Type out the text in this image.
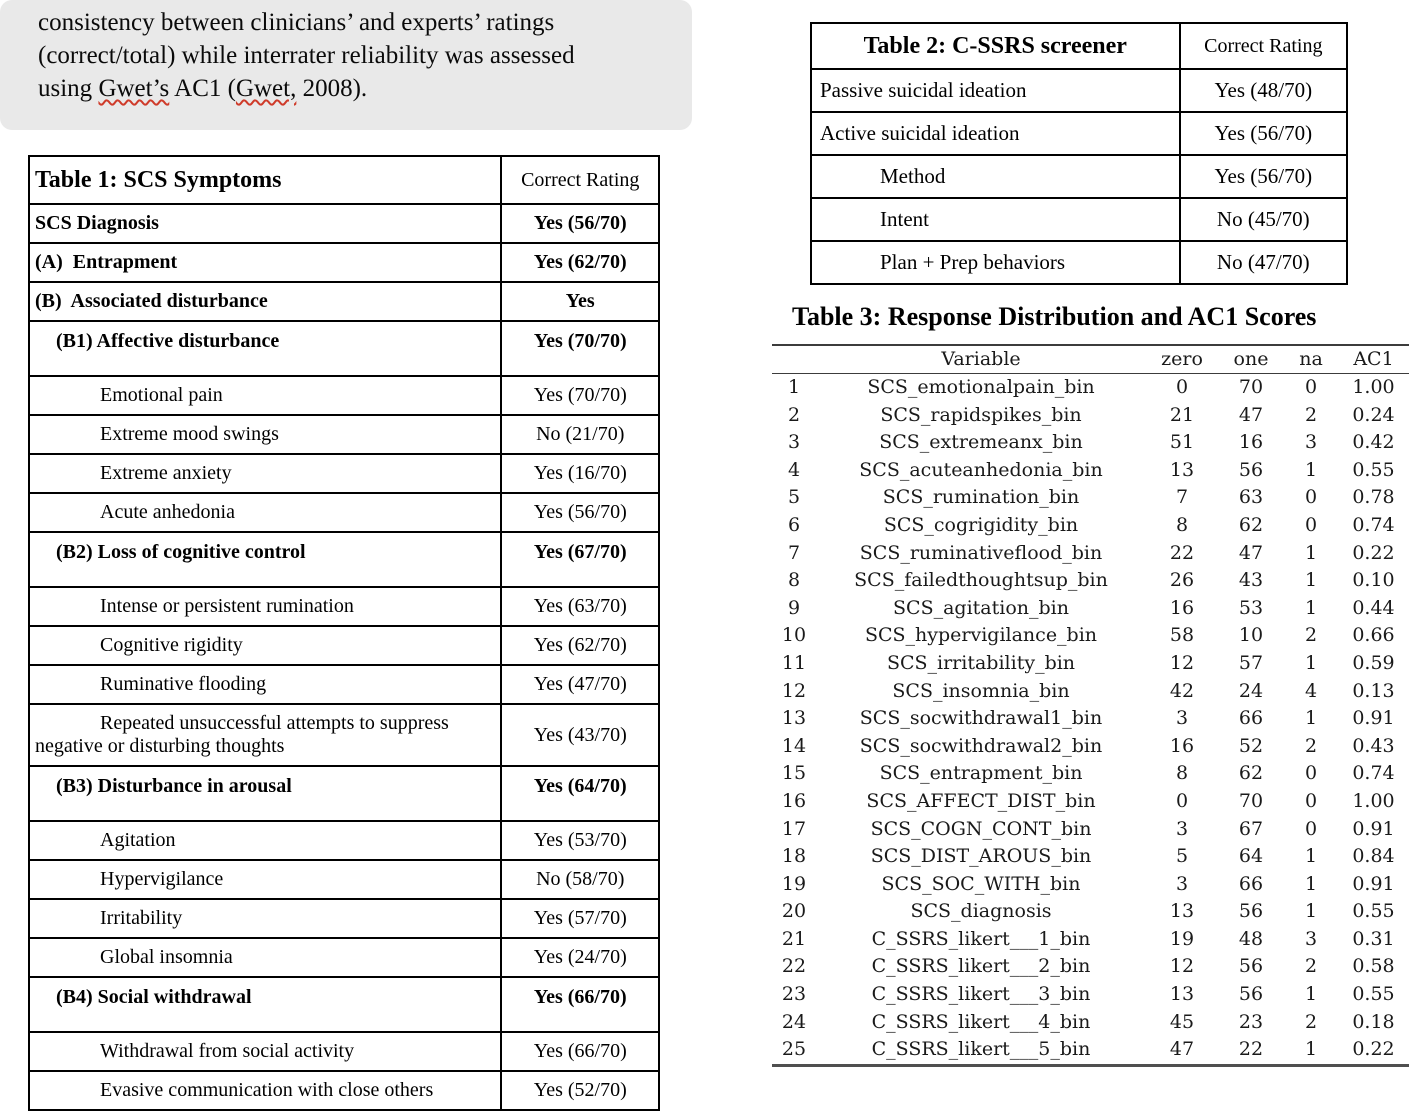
consistency between clinicians’ and experts’ ratings
(correct/total) while interrater reliability was assessed
using Gwet’s AC1 (Gwet, 2008).
Table 1: SCS Symptoms	Correct Rating
SCS Diagnosis	Yes (56/70)
(A)  Entrapment	Yes (62/70)
(B)  Associated disturbance	Yes
(B1) Affective disturbance	Yes (70/70)
Emotional pain	Yes (70/70)
Extreme mood swings	No (21/70)
Extreme anxiety	Yes (16/70)
Acute anhedonia	Yes (56/70)
(B2) Loss of cognitive control	Yes (67/70)
Intense or persistent rumination	Yes (63/70)
Cognitive rigidity	Yes (62/70)
Ruminative flooding	Yes (47/70)
Repeated unsuccessful attempts to suppress negative or disturbing thoughts	Yes (43/70)
(B3) Disturbance in arousal	Yes (64/70)
Agitation	Yes (53/70)
Hypervigilance	No (58/70)
Irritability	Yes (57/70)
Global insomnia	Yes (24/70)
(B4) Social withdrawal	Yes (66/70)
Withdrawal from social activity	Yes (66/70)
Evasive communication with close others	Yes (52/70)
Table 2: C-SSRS screener	Correct Rating
Passive suicidal ideation	Yes (48/70)
Active suicidal ideation	Yes (56/70)
Method	Yes (56/70)
Intent	No (45/70)
Plan + Prep behaviors	No (47/70)
Table 3: Response Distribution and AC1 Scores
	Variable	zero	one	na	AC1
1	SCS_emotionalpain_bin	0	70	0	1.00
2	SCS_rapidspikes_bin	21	47	2	0.24
3	SCS_extremeanx_bin	51	16	3	0.42
4	SCS_acuteanhedonia_bin	13	56	1	0.55
5	SCS_rumination_bin	7	63	0	0.78
6	SCS_cogrigidity_bin	8	62	0	0.74
7	SCS_ruminativeflood_bin	22	47	1	0.22
8	SCS_failedthoughtsup_bin	26	43	1	0.10
9	SCS_agitation_bin	16	53	1	0.44
10	SCS_hypervigilance_bin	58	10	2	0.66
11	SCS_irritability_bin	12	57	1	0.59
12	SCS_insomnia_bin	42	24	4	0.13
13	SCS_socwithdrawal1_bin	3	66	1	0.91
14	SCS_socwithdrawal2_bin	16	52	2	0.43
15	SCS_entrapment_bin	8	62	0	0.74
16	SCS_AFFECT_DIST_bin	0	70	0	1.00
17	SCS_COGN_CONT_bin	3	67	0	0.91
18	SCS_DIST_AROUS_bin	5	64	1	0.84
19	SCS_SOC_WITH_bin	3	66	1	0.91
20	SCS_diagnosis	13	56	1	0.55
21	C_SSRS_likert___1_bin	19	48	3	0.31
22	C_SSRS_likert___2_bin	12	56	2	0.58
23	C_SSRS_likert___3_bin	13	56	1	0.55
24	C_SSRS_likert___4_bin	45	23	2	0.18
25	C_SSRS_likert___5_bin	47	22	1	0.22
